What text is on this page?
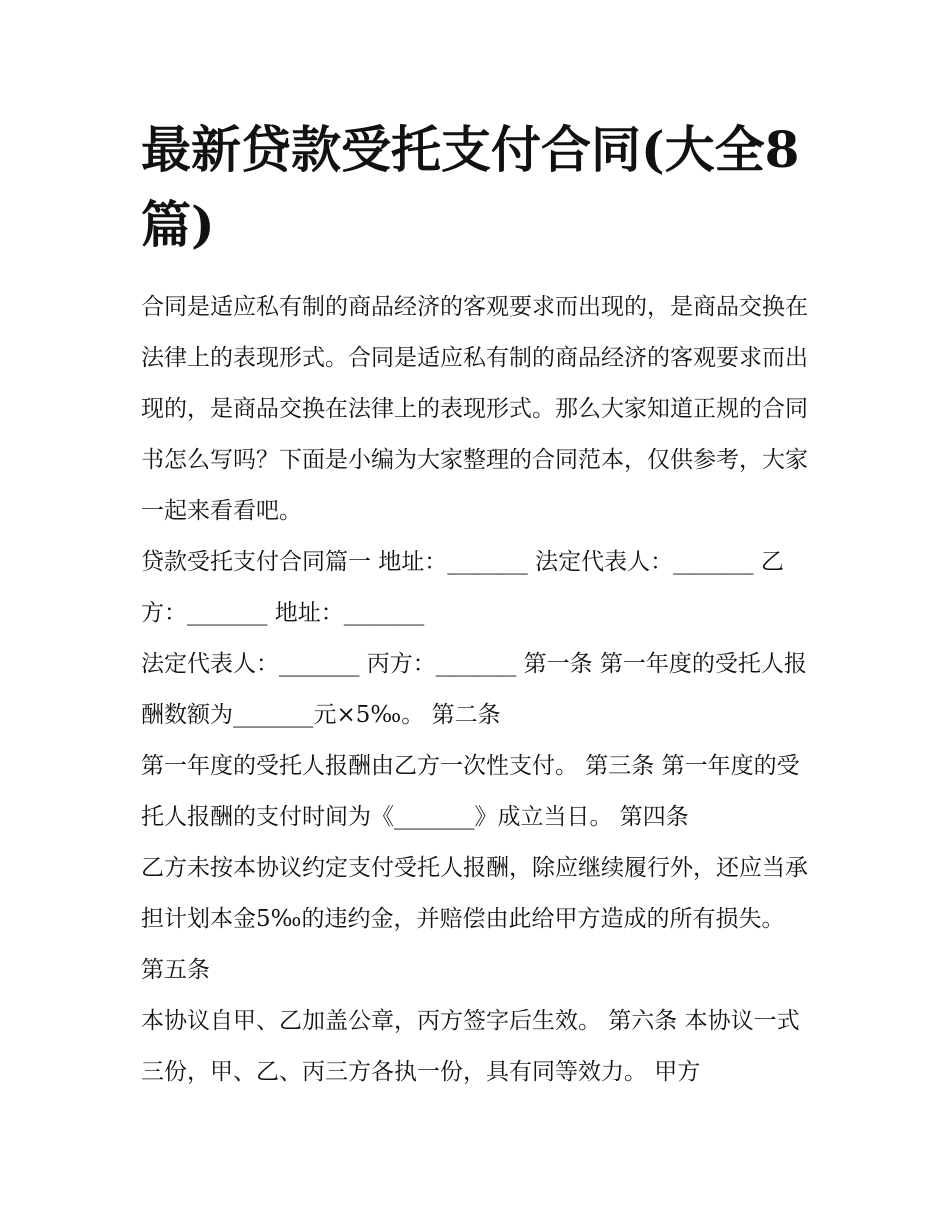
最新贷款受托支付合同(大全8篇)

合同是适应私有制的商品经济的客观要求而出现的，是商品交换在法律上的表现形式。合同是适应私有制的商品经济的客观要求而出现的，是商品交换在法律上的表现形式。那么大家知道正规的合同书怎么写吗？下面是小编为大家整理的合同范本，仅供参考，大家一起来看看吧。

贷款受托支付合同篇一 地址：_______ 法定代表人：_______ 乙方：_______ 地址：_______

法定代表人：_______ 丙方：_______ 第一条 第一年度的受托人报酬数额为_______元×5‰。 第二条

第一年度的受托人报酬由乙方一次性支付。 第三条 第一年度的受托人报酬的支付时间为《_______》成立当日。 第四条

乙方未按本协议约定支付受托人报酬，除应继续履行外，还应当承担计划本金5‰的违约金，并赔偿由此给甲方造成的所有损失。 第五条

本协议自甲、乙加盖公章，丙方签字后生效。 第六条 本协议一式三份，甲、乙、丙三方各执一份，具有同等效力。 甲方
